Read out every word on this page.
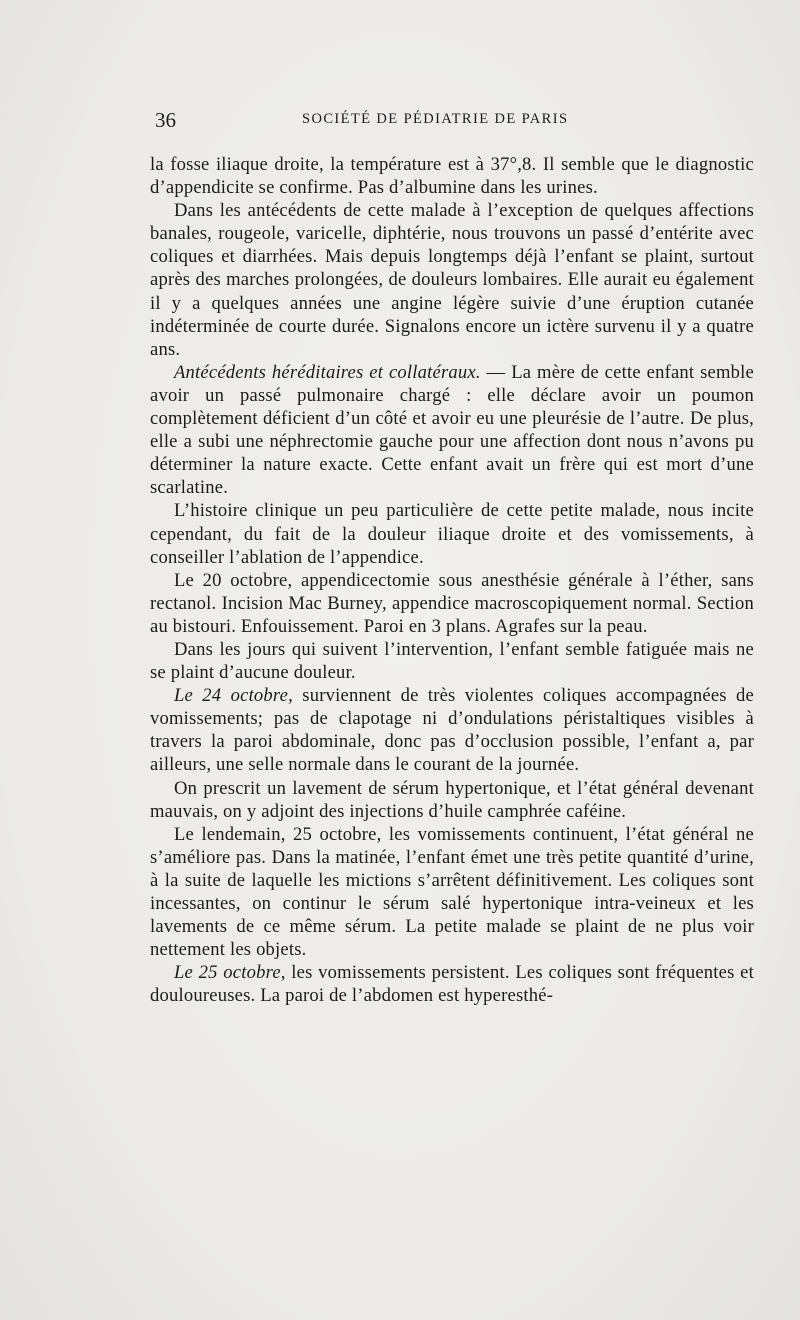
36	SOCIÉTÉ DE PÉDIATRIE DE PARIS

la fosse iliaque droite, la température est à 37°,8. Il semble que le diagnostic d’appendicite se confirme. Pas d’albumine dans les urines.

Dans les antécédents de cette malade à l’exception de quelques affections banales, rougeole, varicelle, diphtérie, nous trouvons un passé d’entérite avec coliques et diarrhées. Mais depuis longtemps déjà l’enfant se plaint, surtout après des marches prolongées, de douleurs lombaires. Elle aurait eu également il y a quelques années une angine légère suivie d’une éruption cutanée indéterminée de courte durée. Signalons encore un ictère survenu il y a quatre ans.

Antécédents héréditaires et collatéraux. — La mère de cette enfant semble avoir un passé pulmonaire chargé : elle déclare avoir un poumon complètement déficient d’un côté et avoir eu une pleurésie de l’autre. De plus, elle a subi une néphrectomie gauche pour une affection dont nous n’avons pu déterminer la nature exacte. Cette enfant avait un frère qui est mort d’une scarlatine.

L’histoire clinique un peu particulière de cette petite malade, nous incite cependant, du fait de la douleur iliaque droite et des vomissements, à conseiller l’ablation de l’appendice.

Le 20 octobre, appendicectomie sous anesthésie générale à l’éther, sans rectanol. Incision Mac Burney, appendice macroscopiquement normal. Section au bistouri. Enfouissement. Paroi en 3 plans. Agrafes sur la peau.

Dans les jours qui suivent l’intervention, l’enfant semble fatiguée mais ne se plaint d’aucune douleur.

Le 24 octobre, surviennent de très violentes coliques accompagnées de vomissements; pas de clapotage ni d’ondulations péristaltiques visibles à travers la paroi abdominale, donc pas d’occlusion possible, l’enfant a, par ailleurs, une selle normale dans le courant de la journée.

On prescrit un lavement de sérum hypertonique, et l’état général devenant mauvais, on y adjoint des injections d’huile camphrée caféine.

Le lendemain, 25 octobre, les vomissements continuent, l’état général ne s’améliore pas. Dans la matinée, l’enfant émet une très petite quantité d’urine, à la suite de laquelle les mictions s’arrêtent définitivement. Les coliques sont incessantes, on continur le sérum salé hypertonique intra-veineux et les lavements de ce même sérum. La petite malade se plaint de ne plus voir nettement les objets.

Le 25 octobre, les vomissements persistent. Les coliques sont fréquentes et douloureuses. La paroi de l’abdomen est hyperesthé-
